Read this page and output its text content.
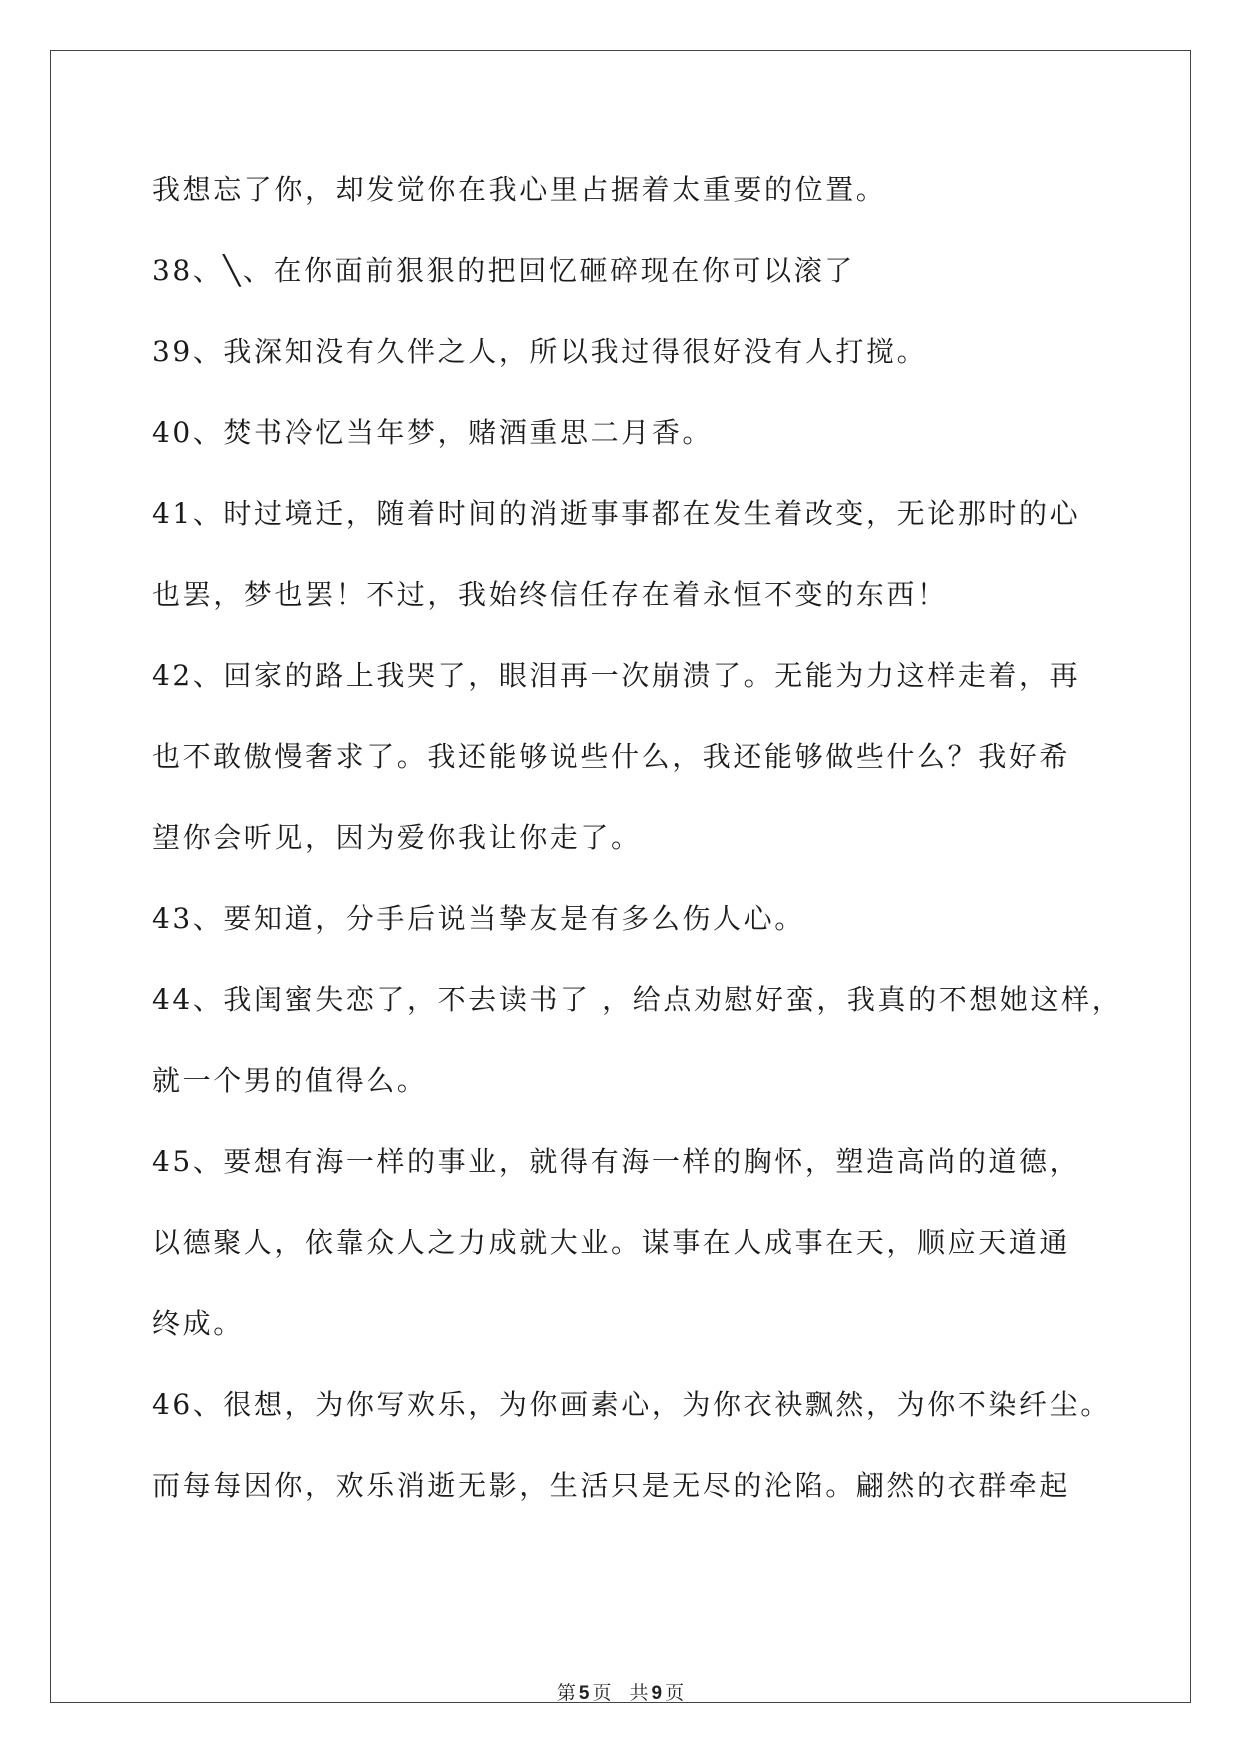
我想忘了你，却发觉你在我心里占据着太重要的位置。
38、╲、在你面前狠狠的把回忆砸碎现在你可以滚了
39、我深知没有久伴之人，所以我过得很好没有人打搅。
40、焚书冷忆当年梦，赌酒重思二月香。
41、时过境迁，随着时间的消逝事事都在发生着改变，无论那时的心
也罢，梦也罢！不过，我始终信任存在着永恒不变的东西！
42、回家的路上我哭了，眼泪再一次崩溃了。无能为力这样走着，再
也不敢傲慢奢求了。我还能够说些什么，我还能够做些什么？我好希
望你会听见，因为爱你我让你走了。
43、要知道，分手后说当挚友是有多么伤人心。
44、我闺蜜失恋了，不去读书了 ，给点劝慰好蛮，我真的不想她这样，
就一个男的值得么。
45、要想有海一样的事业，就得有海一样的胸怀，塑造高尚的道德，
以德聚人，依靠众人之力成就大业。谋事在人成事在天，顺应天道通
终成。
46、很想，为你写欢乐，为你画素心，为你衣袂飘然，为你不染纤尘。
而每每因你，欢乐消逝无影，生活只是无尽的沦陷。翩然的衣群牵起
第 5 页 共 9 页
